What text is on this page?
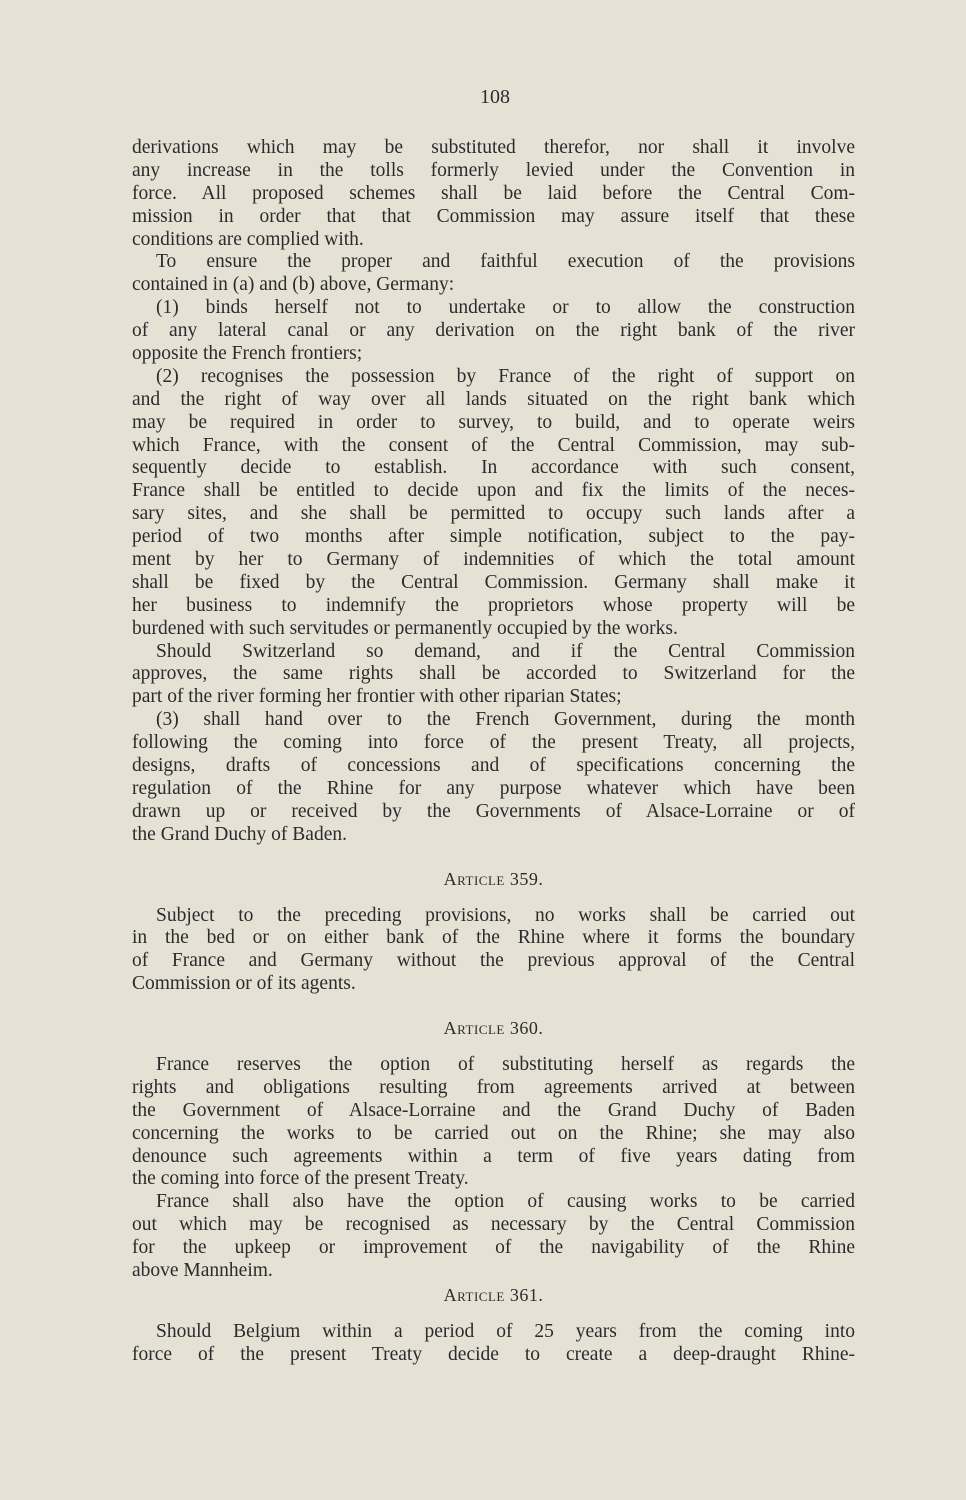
108
derivations which may be substituted therefor, nor shall it involve
any increase in the tolls formerly levied under the Convention in
force. All proposed schemes shall be laid before the Central Com-
mission in order that that Commission may assure itself that these
conditions are complied with.
To ensure the proper and faithful execution of the provisions
contained in (a) and (b) above, Germany:
(1) binds herself not to undertake or to allow the construction
of any lateral canal or any derivation on the right bank of the river
opposite the French frontiers;
(2) recognises the possession by France of the right of support on
and the right of way over all lands situated on the right bank which
may be required in order to survey, to build, and to operate weirs
which France, with the consent of the Central Commission, may sub-
sequently decide to establish. In accordance with such consent,
France shall be entitled to decide upon and fix the limits of the neces-
sary sites, and she shall be permitted to occupy such lands after a
period of two months after simple notification, subject to the pay-
ment by her to Germany of indemnities of which the total amount
shall be fixed by the Central Commission. Germany shall make it
her business to indemnify the proprietors whose property will be
burdened with such servitudes or permanently occupied by the works.
Should Switzerland so demand, and if the Central Commission
approves, the same rights shall be accorded to Switzerland for the
part of the river forming her frontier with other riparian States;
(3) shall hand over to the French Government, during the month
following the coming into force of the present Treaty, all projects,
designs, drafts of concessions and of specifications concerning the
regulation of the Rhine for any purpose whatever which have been
drawn up or received by the Governments of Alsace-Lorraine or of
the Grand Duchy of Baden.
Article 359.
Subject to the preceding provisions, no works shall be carried out
in the bed or on either bank of the Rhine where it forms the boundary
of France and Germany without the previous approval of the Central
Commission or of its agents.
Article 360.
France reserves the option of substituting herself as regards the
rights and obligations resulting from agreements arrived at between
the Government of Alsace-Lorraine and the Grand Duchy of Baden
concerning the works to be carried out on the Rhine; she may also
denounce such agreements within a term of five years dating from
the coming into force of the present Treaty.
France shall also have the option of causing works to be carried
out which may be recognised as necessary by the Central Commission
for the upkeep or improvement of the navigability of the Rhine
above Mannheim.
Article 361.
Should Belgium within a period of 25 years from the coming into
force of the present Treaty decide to create a deep-draught Rhine-
